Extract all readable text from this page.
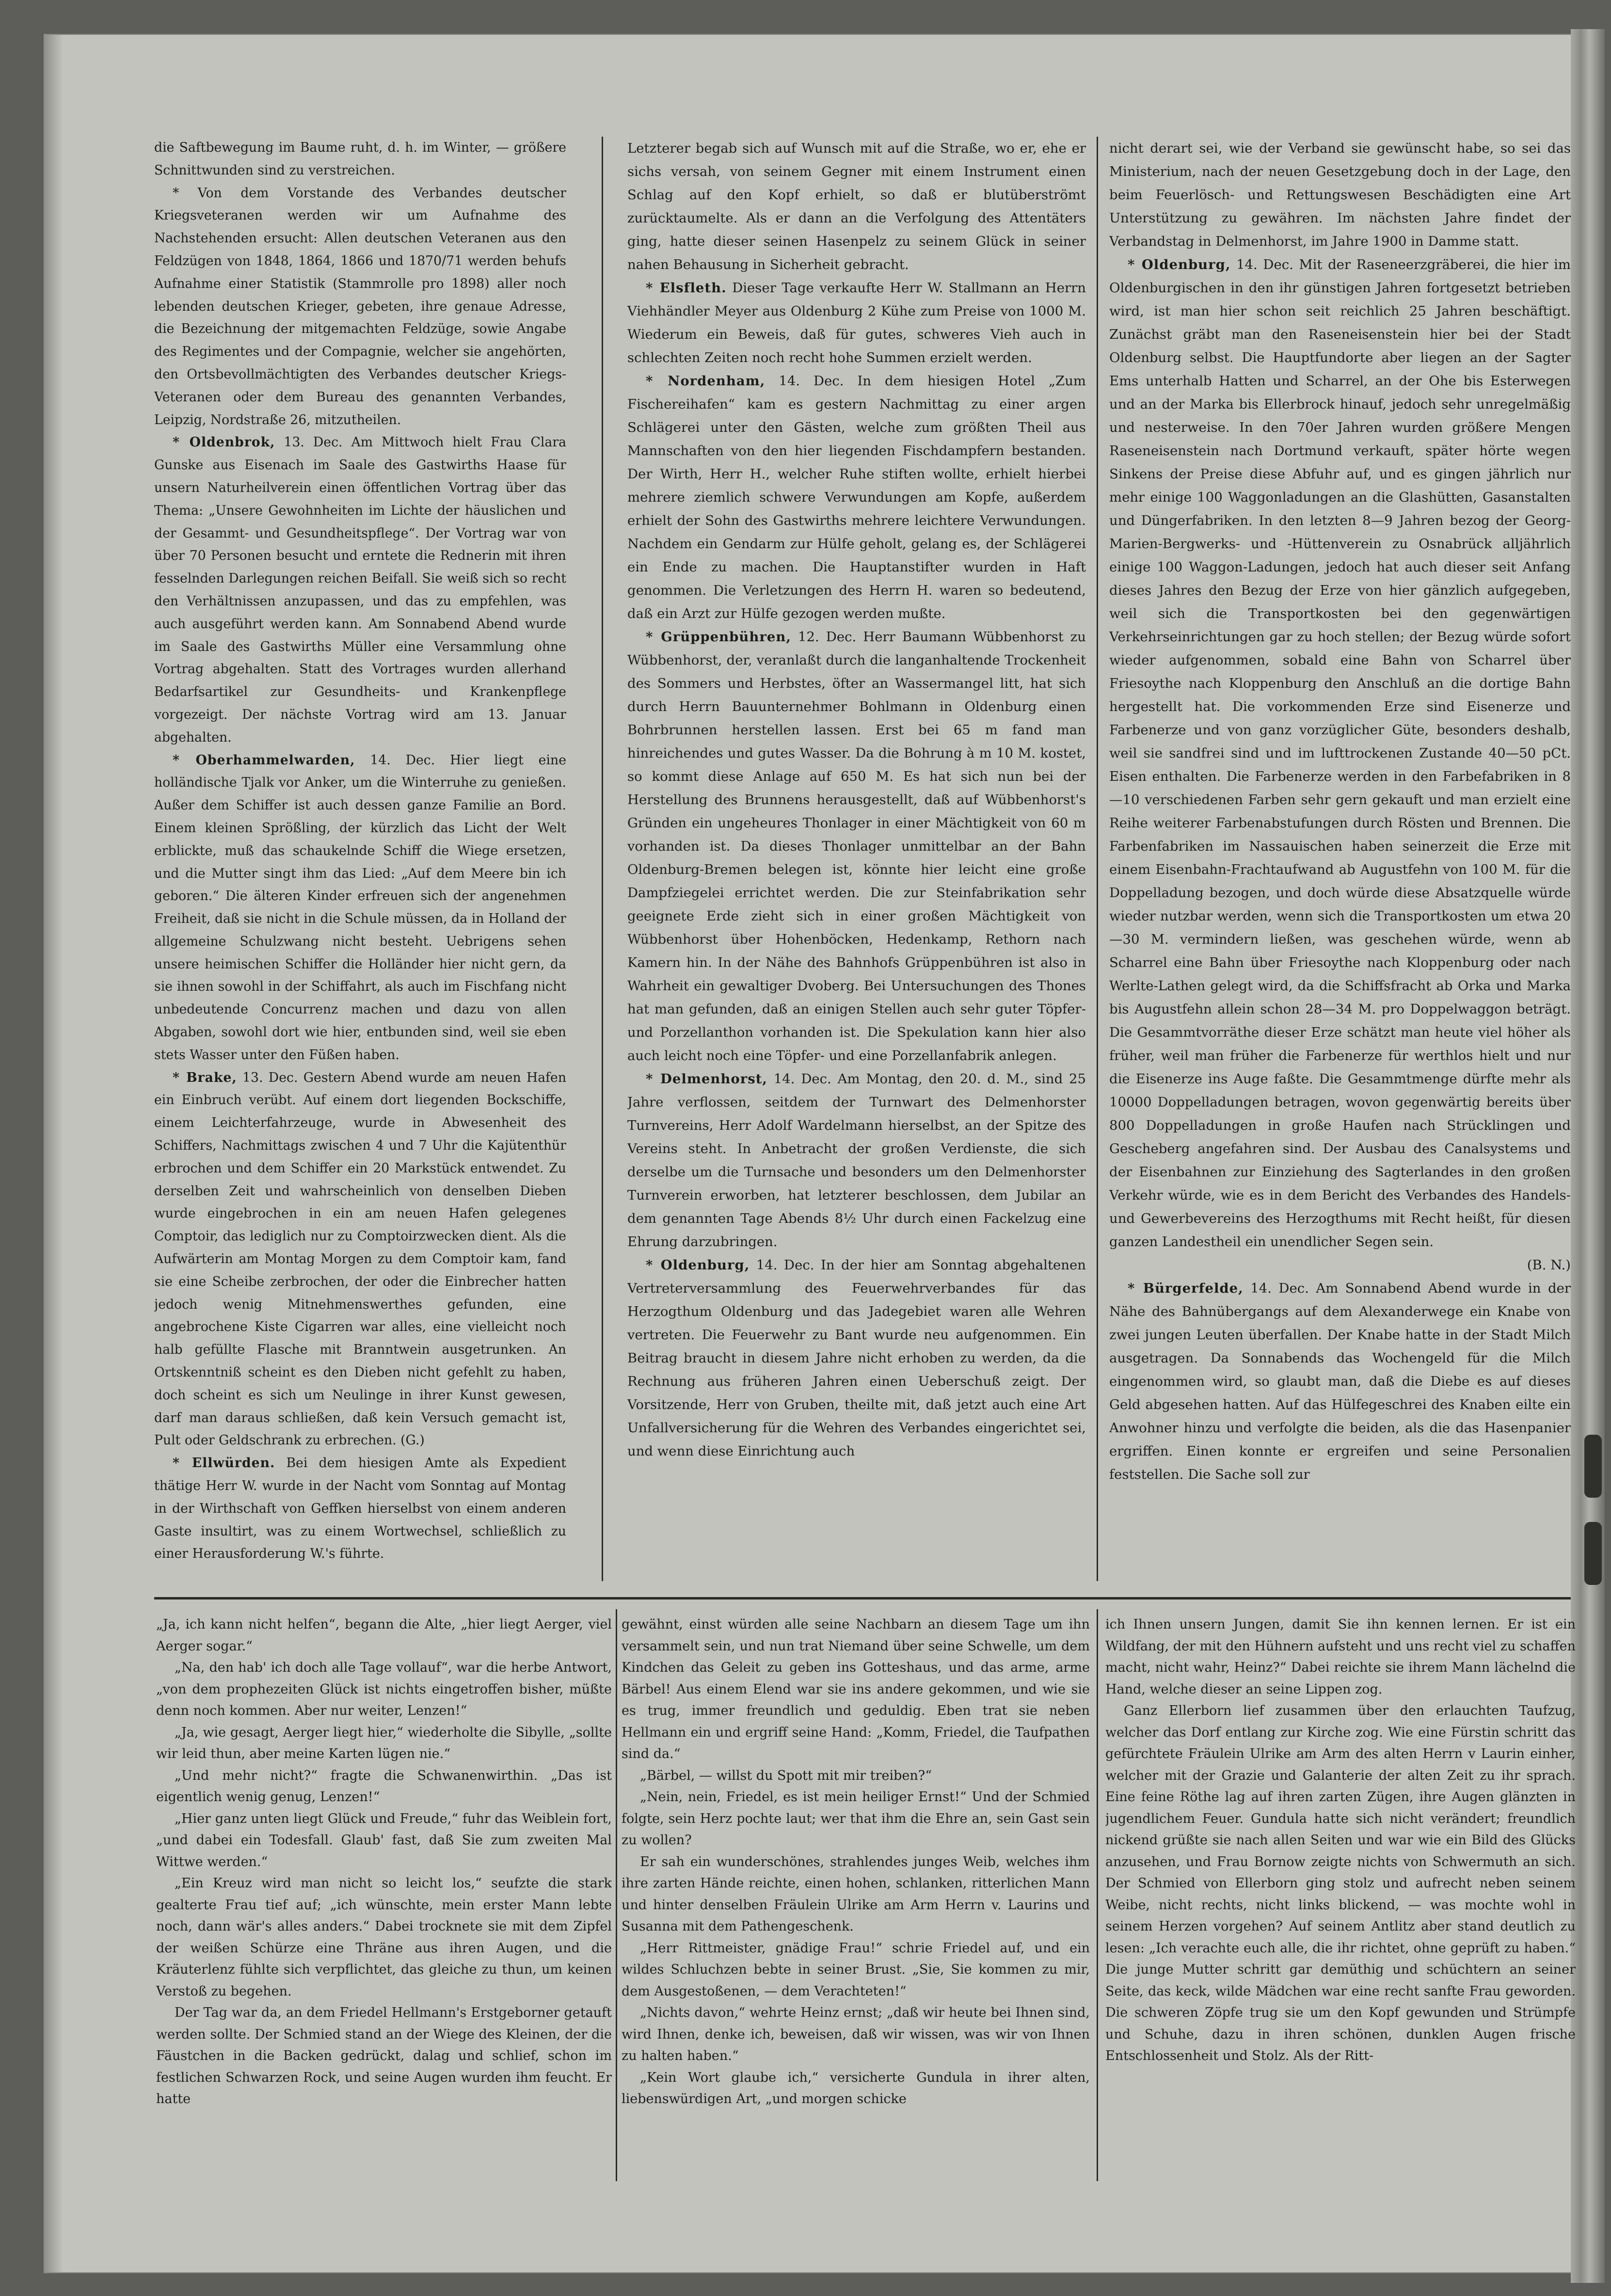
die Saftbewegung im Baume ruht, d. h. im Winter, — größere Schnittwunden sind zu verstreichen.

* Von dem Vorstande des Verbandes deutscher Kriegsveteranen werden wir um Aufnahme des Nachstehenden ersucht: Allen deutschen Veteranen aus den Feldzügen von 1848, 1864, 1866 und 1870/71 werden behufs Aufnahme einer Statistik (Stammrolle pro 1898) aller noch lebenden deutschen Krieger, gebeten, ihre genaue Adresse, die Bezeichnung der mitgemachten Feldzüge, sowie Angabe des Regimentes und der Compagnie, welcher sie angehörten, den Ortsbevollmächtigten des Verbandes deutscher Kriegs-Veteranen oder dem Bureau des genannten Verbandes, Leipzig, Nordstraße 26, mitzutheilen.

* Oldenbrok, 13. Dec. Am Mittwoch hielt Frau Clara Gunske aus Eisenach im Saale des Gastwirths Haase für unsern Naturheilverein einen öffentlichen Vortrag über das Thema: „Unsere Gewohnheiten im Lichte der häuslichen und der Gesammt- und Gesundheitspflege“. Der Vortrag war von über 70 Personen besucht und erntete die Rednerin mit ihren fesselnden Darlegungen reichen Beifall. Sie weiß sich so recht den Verhältnissen anzupassen, und das zu empfehlen, was auch ausgeführt werden kann. Am Sonnabend Abend wurde im Saale des Gastwirths Müller eine Versammlung ohne Vortrag abgehalten. Statt des Vortrages wurden allerhand Bedarfsartikel zur Gesundheits- und Krankenpflege vorgezeigt. Der nächste Vortrag wird am 13. Januar abgehalten.

* Oberhammelwarden, 14. Dec. Hier liegt eine holländische Tjalk vor Anker, um die Winterruhe zu genießen. Außer dem Schiffer ist auch dessen ganze Familie an Bord. Einem kleinen Sprößling, der kürzlich das Licht der Welt erblickte, muß das schaukelnde Schiff die Wiege ersetzen, und die Mutter singt ihm das Lied: „Auf dem Meere bin ich geboren.“ Die älteren Kinder erfreuen sich der angenehmen Freiheit, daß sie nicht in die Schule müssen, da in Holland der allgemeine Schulzwang nicht besteht. Uebrigens sehen unsere heimischen Schiffer die Holländer hier nicht gern, da sie ihnen sowohl in der Schiffahrt, als auch im Fischfang nicht unbedeutende Concurrenz machen und dazu von allen Abgaben, sowohl dort wie hier, entbunden sind, weil sie eben stets Wasser unter den Füßen haben.

* Brake, 13. Dec. Gestern Abend wurde am neuen Hafen ein Einbruch verübt. Auf einem dort liegenden Bockschiffe, einem Leichterfahrzeuge, wurde in Abwesenheit des Schiffers, Nachmittags zwischen 4 und 7 Uhr die Kajütenthür erbrochen und dem Schiffer ein 20 Markstück entwendet. Zu derselben Zeit und wahrscheinlich von denselben Dieben wurde eingebrochen in ein am neuen Hafen gelegenes Comptoir, das lediglich nur zu Comptoirzwecken dient. Als die Aufwärterin am Montag Morgen zu dem Comptoir kam, fand sie eine Scheibe zerbrochen, der oder die Einbrecher hatten jedoch wenig Mitnehmenswerthes gefunden, eine angebrochene Kiste Cigarren war alles, eine vielleicht noch halb gefüllte Flasche mit Branntwein ausgetrunken. An Ortskenntniß scheint es den Dieben nicht gefehlt zu haben, doch scheint es sich um Neulinge in ihrer Kunst gewesen, darf man daraus schließen, daß kein Versuch gemacht ist, Pult oder Geldschrank zu erbrechen. (G.)

* Ellwürden. Bei dem hiesigen Amte als Expedient thätige Herr W. wurde in der Nacht vom Sonntag auf Montag in der Wirthschaft von Geffken hierselbst von einem anderen Gaste insultirt, was zu einem Wortwechsel, schließlich zu einer Herausforderung W.'s führte.

Letzterer begab sich auf Wunsch mit auf die Straße, wo er, ehe er sichs versah, von seinem Gegner mit einem Instrument einen Schlag auf den Kopf erhielt, so daß er blutüberströmt zurücktaumelte. Als er dann an die Verfolgung des Attentäters ging, hatte dieser seinen Hasenpelz zu seinem Glück in seiner nahen Behausung in Sicherheit gebracht.

* Elsfleth. Dieser Tage verkaufte Herr W. Stallmann an Herrn Viehhändler Meyer aus Oldenburg 2 Kühe zum Preise von 1000 M. Wiederum ein Beweis, daß für gutes, schweres Vieh auch in schlechten Zeiten noch recht hohe Summen erzielt werden.

* Nordenham, 14. Dec. In dem hiesigen Hotel „Zum Fischereihafen“ kam es gestern Nachmittag zu einer argen Schlägerei unter den Gästen, welche zum größten Theil aus Mannschaften von den hier liegenden Fischdampfern bestanden. Der Wirth, Herr H., welcher Ruhe stiften wollte, erhielt hierbei mehrere ziemlich schwere Verwundungen am Kopfe, außerdem erhielt der Sohn des Gastwirths mehrere leichtere Verwundungen. Nachdem ein Gendarm zur Hülfe geholt, gelang es, der Schlägerei ein Ende zu machen. Die Hauptanstifter wurden in Haft genommen. Die Verletzungen des Herrn H. waren so bedeutend, daß ein Arzt zur Hülfe gezogen werden mußte.

* Grüppenbühren, 12. Dec. Herr Baumann Wübbenhorst zu Wübbenhorst, der, veranlaßt durch die langanhaltende Trockenheit des Sommers und Herbstes, öfter an Wassermangel litt, hat sich durch Herrn Bauunternehmer Bohlmann in Oldenburg einen Bohrbrunnen herstellen lassen. Erst bei 65 m fand man hinreichendes und gutes Wasser. Da die Bohrung à m 10 M. kostet, so kommt diese Anlage auf 650 M. Es hat sich nun bei der Herstellung des Brunnens herausgestellt, daß auf Wübbenhorst's Gründen ein ungeheures Thonlager in einer Mächtigkeit von 60 m vorhanden ist. Da dieses Thonlager unmittelbar an der Bahn Oldenburg-Bremen belegen ist, könnte hier leicht eine große Dampfziegelei errichtet werden. Die zur Steinfabrikation sehr geeignete Erde zieht sich in einer großen Mächtigkeit von Wübbenhorst über Hohenböcken, Hedenkamp, Rethorn nach Kamern hin. In der Nähe des Bahnhofs Grüppenbühren ist also in Wahrheit ein gewaltiger Dvoberg. Bei Untersuchungen des Thones hat man gefunden, daß an einigen Stellen auch sehr guter Töpfer- und Porzellanthon vorhanden ist. Die Spekulation kann hier also auch leicht noch eine Töpfer- und eine Porzellanfabrik anlegen.

* Delmenhorst, 14. Dec. Am Montag, den 20. d. M., sind 25 Jahre verflossen, seitdem der Turnwart des Delmenhorster Turnvereins, Herr Adolf Wardelmann hierselbst, an der Spitze des Vereins steht. In Anbetracht der großen Verdienste, die sich derselbe um die Turnsache und besonders um den Delmenhorster Turnverein erworben, hat letzterer beschlossen, dem Jubilar an dem genannten Tage Abends 8½ Uhr durch einen Fackelzug eine Ehrung darzubringen.

* Oldenburg, 14. Dec. In der hier am Sonntag abgehaltenen Vertreterversammlung des Feuerwehrverbandes für das Herzogthum Oldenburg und das Jadegebiet waren alle Wehren vertreten. Die Feuerwehr zu Bant wurde neu aufgenommen. Ein Beitrag braucht in diesem Jahre nicht erhoben zu werden, da die Rechnung aus früheren Jahren einen Ueberschuß zeigt. Der Vorsitzende, Herr von Gruben, theilte mit, daß jetzt auch eine Art Unfallversicherung für die Wehren des Verbandes eingerichtet sei, und wenn diese Einrichtung auch

nicht derart sei, wie der Verband sie gewünscht habe, so sei das Ministerium, nach der neuen Gesetzgebung doch in der Lage, den beim Feuerlösch- und Rettungswesen Beschädigten eine Art Unterstützung zu gewähren. Im nächsten Jahre findet der Verbandstag in Delmenhorst, im Jahre 1900 in Damme statt.

* Oldenburg, 14. Dec. Mit der Raseneerzgräberei, die hier im Oldenburgischen in den ihr günstigen Jahren fortgesetzt betrieben wird, ist man hier schon seit reichlich 25 Jahren beschäftigt. Zunächst gräbt man den Raseneisenstein hier bei der Stadt Oldenburg selbst. Die Hauptfundorte aber liegen an der Sagter Ems unterhalb Hatten und Scharrel, an der Ohe bis Esterwegen und an der Marka bis Ellerbrock hinauf, jedoch sehr unregelmäßig und nesterweise. In den 70er Jahren wurden größere Mengen Raseneisenstein nach Dortmund verkauft, später hörte wegen Sinkens der Preise diese Abfuhr auf, und es gingen jährlich nur mehr einige 100 Waggonladungen an die Glashütten, Gasanstalten und Düngerfabriken. In den letzten 8—9 Jahren bezog der Georg-Marien-Bergwerks- und -Hüttenverein zu Osnabrück alljährlich einige 100 Waggon-Ladungen, jedoch hat auch dieser seit Anfang dieses Jahres den Bezug der Erze von hier gänzlich aufgegeben, weil sich die Transportkosten bei den gegenwärtigen Verkehrseinrichtungen gar zu hoch stellen; der Bezug würde sofort wieder aufgenommen, sobald eine Bahn von Scharrel über Friesoythe nach Kloppenburg den Anschluß an die dortige Bahn hergestellt hat. Die vorkommenden Erze sind Eisenerze und Farbenerze und von ganz vorzüglicher Güte, besonders deshalb, weil sie sandfrei sind und im lufttrockenen Zustande 40—50 pCt. Eisen enthalten. Die Farbenerze werden in den Farbefabriken in 8—10 verschiedenen Farben sehr gern gekauft und man erzielt eine Reihe weiterer Farbenabstufungen durch Rösten und Brennen. Die Farbenfabriken im Nassauischen haben seinerzeit die Erze mit einem Eisenbahn-Frachtaufwand ab Augustfehn von 100 M. für die Doppelladung bezogen, und doch würde diese Absatzquelle würde wieder nutzbar werden, wenn sich die Transportkosten um etwa 20—30 M. vermindern ließen, was geschehen würde, wenn ab Scharrel eine Bahn über Friesoythe nach Kloppenburg oder nach Werlte-Lathen gelegt wird, da die Schiffsfracht ab Orka und Marka bis Augustfehn allein schon 28—34 M. pro Doppelwaggon beträgt. Die Gesammtvorräthe dieser Erze schätzt man heute viel höher als früher, weil man früher die Farbenerze für werthlos hielt und nur die Eisenerze ins Auge faßte. Die Gesammtmenge dürfte mehr als 10000 Doppelladungen betragen, wovon gegenwärtig bereits über 800 Doppelladungen in große Haufen nach Strücklingen und Gescheberg angefahren sind. Der Ausbau des Canalsystems und der Eisenbahnen zur Einziehung des Sagterlandes in den großen Verkehr würde, wie es in dem Bericht des Verbandes des Handels- und Gewerbevereins des Herzogthums mit Recht heißt, für diesen ganzen Landestheil ein unendlicher Segen sein.

(B. N.)

* Bürgerfelde, 14. Dec. Am Sonnabend Abend wurde in der Nähe des Bahnübergangs auf dem Alexanderwege ein Knabe von zwei jungen Leuten überfallen. Der Knabe hatte in der Stadt Milch ausgetragen. Da Sonnabends das Wochengeld für die Milch eingenommen wird, so glaubt man, daß die Diebe es auf dieses Geld abgesehen hatten. Auf das Hülfegeschrei des Knaben eilte ein Anwohner hinzu und verfolgte die beiden, als die das Hasenpanier ergriffen. Einen konnte er ergreifen und seine Personalien feststellen. Die Sache soll zur

„Ja, ich kann nicht helfen“, begann die Alte, „hier liegt Aerger, viel Aerger sogar.“

„Na, den hab' ich doch alle Tage vollauf“, war die herbe Antwort, „von dem prophezeiten Glück ist nichts eingetroffen bisher, müßte denn noch kommen. Aber nur weiter, Lenzen!“

„Ja, wie gesagt, Aerger liegt hier,“ wiederholte die Sibylle, „sollte wir leid thun, aber meine Karten lügen nie.“

„Und mehr nicht?“ fragte die Schwanenwirthin. „Das ist eigentlich wenig genug, Lenzen!“

„Hier ganz unten liegt Glück und Freude,“ fuhr das Weiblein fort, „und dabei ein Todesfall. Glaub' fast, daß Sie zum zweiten Mal Wittwe werden.“

„Ein Kreuz wird man nicht so leicht los,“ seufzte die stark gealterte Frau tief auf; „ich wünschte, mein erster Mann lebte noch, dann wär's alles anders.“ Dabei trocknete sie mit dem Zipfel der weißen Schürze eine Thräne aus ihren Augen, und die Kräuterlenz fühlte sich verpflichtet, das gleiche zu thun, um keinen Verstoß zu begehen.

Der Tag war da, an dem Friedel Hellmann's Erstgeborner getauft werden sollte. Der Schmied stand an der Wiege des Kleinen, der die Fäustchen in die Backen gedrückt, dalag und schlief, schon im festlichen Schwarzen Rock, und seine Augen wurden ihm feucht. Er hatte

gewähnt, einst würden alle seine Nachbarn an diesem Tage um ihn versammelt sein, und nun trat Niemand über seine Schwelle, um dem Kindchen das Geleit zu geben ins Gotteshaus, und das arme, arme Bärbel! Aus einem Elend war sie ins andere gekommen, und wie sie es trug, immer freundlich und geduldig. Eben trat sie neben Hellmann ein und ergriff seine Hand: „Komm, Friedel, die Taufpathen sind da.“

„Bärbel, — willst du Spott mit mir treiben?“

„Nein, nein, Friedel, es ist mein heiliger Ernst!“ Und der Schmied folgte, sein Herz pochte laut; wer that ihm die Ehre an, sein Gast sein zu wollen?

Er sah ein wunderschönes, strahlendes junges Weib, welches ihm ihre zarten Hände reichte, einen hohen, schlanken, ritterlichen Mann und hinter denselben Fräulein Ulrike am Arm Herrn v. Laurins und Susanna mit dem Pathengeschenk.

„Herr Rittmeister, gnädige Frau!“ schrie Friedel auf, und ein wildes Schluchzen bebte in seiner Brust. „Sie, Sie kommen zu mir, dem Ausgestoßenen, — dem Verachteten!“

„Nichts davon,“ wehrte Heinz ernst; „daß wir heute bei Ihnen sind, wird Ihnen, denke ich, beweisen, daß wir wissen, was wir von Ihnen zu halten haben.“

„Kein Wort glaube ich,“ versicherte Gundula in ihrer alten, liebenswürdigen Art, „und morgen schicke

ich Ihnen unsern Jungen, damit Sie ihn kennen lernen. Er ist ein Wildfang, der mit den Hühnern aufsteht und uns recht viel zu schaffen macht, nicht wahr, Heinz?“ Dabei reichte sie ihrem Mann lächelnd die Hand, welche dieser an seine Lippen zog.

Ganz Ellerborn lief zusammen über den erlauchten Taufzug, welcher das Dorf entlang zur Kirche zog. Wie eine Fürstin schritt das gefürchtete Fräulein Ulrike am Arm des alten Herrn v Laurin einher, welcher mit der Grazie und Galanterie der alten Zeit zu ihr sprach. Eine feine Röthe lag auf ihren zarten Zügen, ihre Augen glänzten in jugendlichem Feuer. Gundula hatte sich nicht verändert; freundlich nickend grüßte sie nach allen Seiten und war wie ein Bild des Glücks anzusehen, und Frau Bornow zeigte nichts von Schwermuth an sich. Der Schmied von Ellerborn ging stolz und aufrecht neben seinem Weibe, nicht rechts, nicht links blickend, — was mochte wohl in seinem Herzen vorgehen? Auf seinem Antlitz aber stand deutlich zu lesen: „Ich verachte euch alle, die ihr richtet, ohne geprüft zu haben.“ Die junge Mutter schritt gar demüthig und schüchtern an seiner Seite, das keck, wilde Mädchen war eine recht sanfte Frau geworden. Die schweren Zöpfe trug sie um den Kopf gewunden und Strümpfe und Schuhe, dazu in ihren schönen, dunklen Augen frische Entschlossenheit und Stolz. Als der Ritt-
